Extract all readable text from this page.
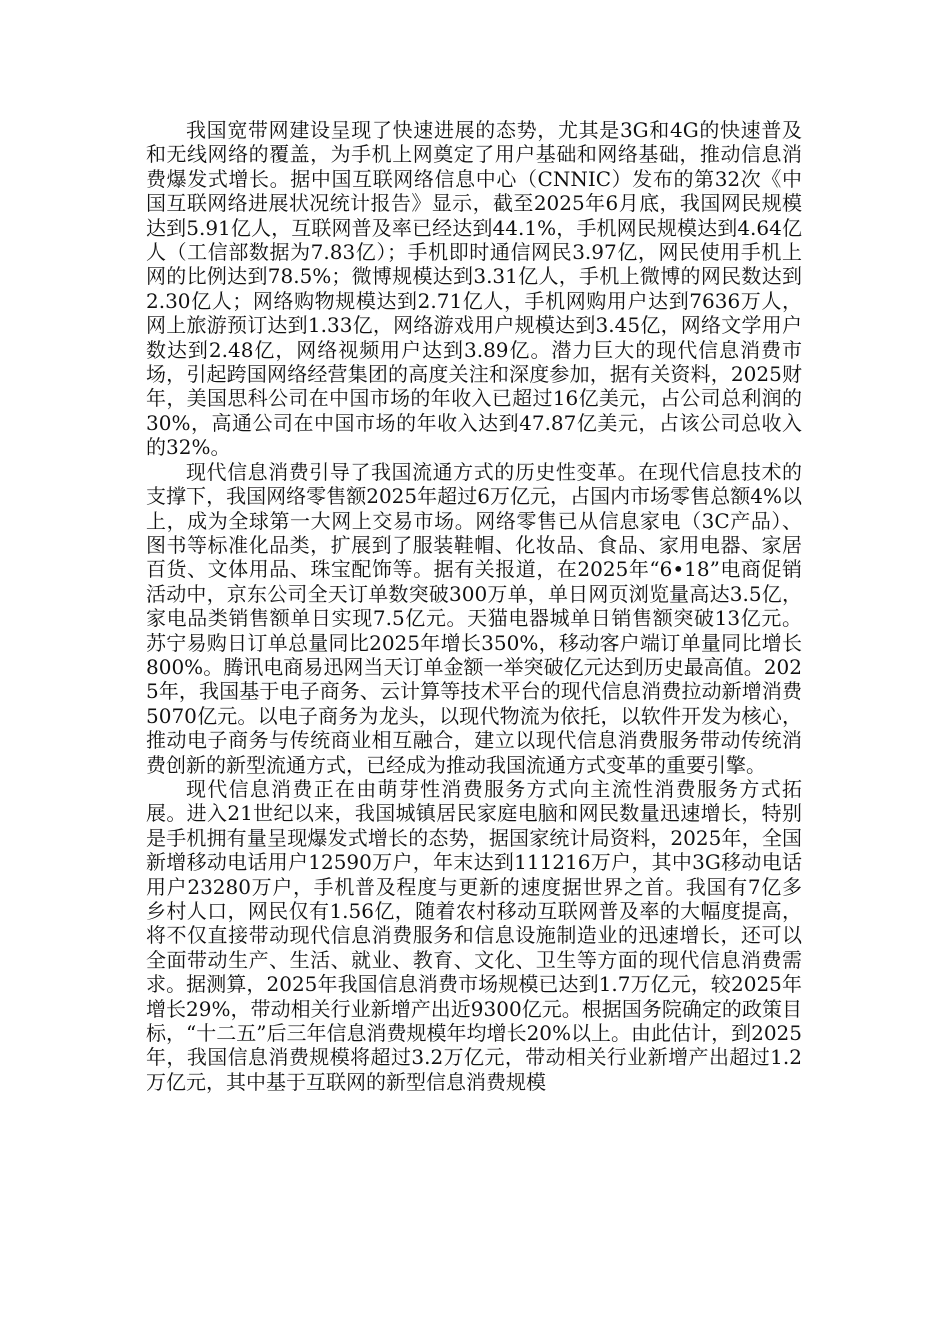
我国宽带网建设呈现了快速进展的态势，尤其是3G和4G的快速普及和无线网络的覆盖，为手机上网奠定了用户基础和网络基础，推动信息消费爆发式增长。据中国互联网络信息中心（CNNIC）发布的第32次《中国互联网络进展状况统计报告》显示，截至2025年6月底，我国网民规模达到5.91亿人，互联网普及率已经达到44.1%，手机网民规模达到4.64亿人（工信部数据为7.83亿）；手机即时通信网民3.97亿，网民使用手机上网的比例达到78.5%；微博规模达到3.31亿人，手机上微博的网民数达到2.30亿人；网络购物规模达到2.71亿人，手机网购用户达到7636万人，网上旅游预订达到1.33亿，网络游戏用户规模达到3.45亿，网络文学用户数达到2.48亿，网络视频用户达到3.89亿。潜力巨大的现代信息消费市场，引起跨国网络经营集团的高度关注和深度参加，据有关资料，2025财年，美国思科公司在中国市场的年收入已超过16亿美元，占公司总利润的30%，高通公司在中国市场的年收入达到47.87亿美元，占该公司总收入的32%。

现代信息消费引导了我国流通方式的历史性变革。在现代信息技术的支撑下，我国网络零售额2025年超过6万亿元，占国内市场零售总额4%以上，成为全球第一大网上交易市场。网络零售已从信息家电（3C产品）、图书等标准化品类，扩展到了服装鞋帽、化妆品、食品、家用电器、家居百货、文体用品、珠宝配饰等。据有关报道，在2025年“6•18”电商促销活动中，京东公司全天订单数突破300万单，单日网页浏览量高达3.5亿，家电品类销售额单日实现7.5亿元。天猫电器城单日销售额突破13亿元。苏宁易购日订单总量同比2025年增长350%，移动客户端订单量同比增长800%。腾讯电商易迅网当天订单金额一举突破亿元达到历史最高值。2025年，我国基于电子商务、云计算等技术平台的现代信息消费拉动新增消费5070亿元。以电子商务为龙头，以现代物流为依托，以软件开发为核心，推动电子商务与传统商业相互融合，建立以现代信息消费服务带动传统消费创新的新型流通方式，已经成为推动我国流通方式变革的重要引擎。

现代信息消费正在由萌芽性消费服务方式向主流性消费服务方式拓展。进入21世纪以来，我国城镇居民家庭电脑和网民数量迅速增长，特别是手机拥有量呈现爆发式增长的态势，据国家统计局资料，2025年，全国新增移动电话用户12590万户，年末达到111216万户，其中3G移动电话用户23280万户，手机普及程度与更新的速度据世界之首。我国有7亿多乡村人口，网民仅有1.56亿，随着农村移动互联网普及率的大幅度提高，将不仅直接带动现代信息消费服务和信息设施制造业的迅速增长，还可以全面带动生产、生活、就业、教育、文化、卫生等方面的现代信息消费需求。据测算，2025年我国信息消费市场规模已达到1.7万亿元，较2025年增长29%，带动相关行业新增产出近9300亿元。根据国务院确定的政策目标，“十二五”后三年信息消费规模年均增长20%以上。由此估计，到2025年，我国信息消费规模将超过3.2万亿元，带动相关行业新增产出超过1.2万亿元，其中基于互联网的新型信息消费规模
